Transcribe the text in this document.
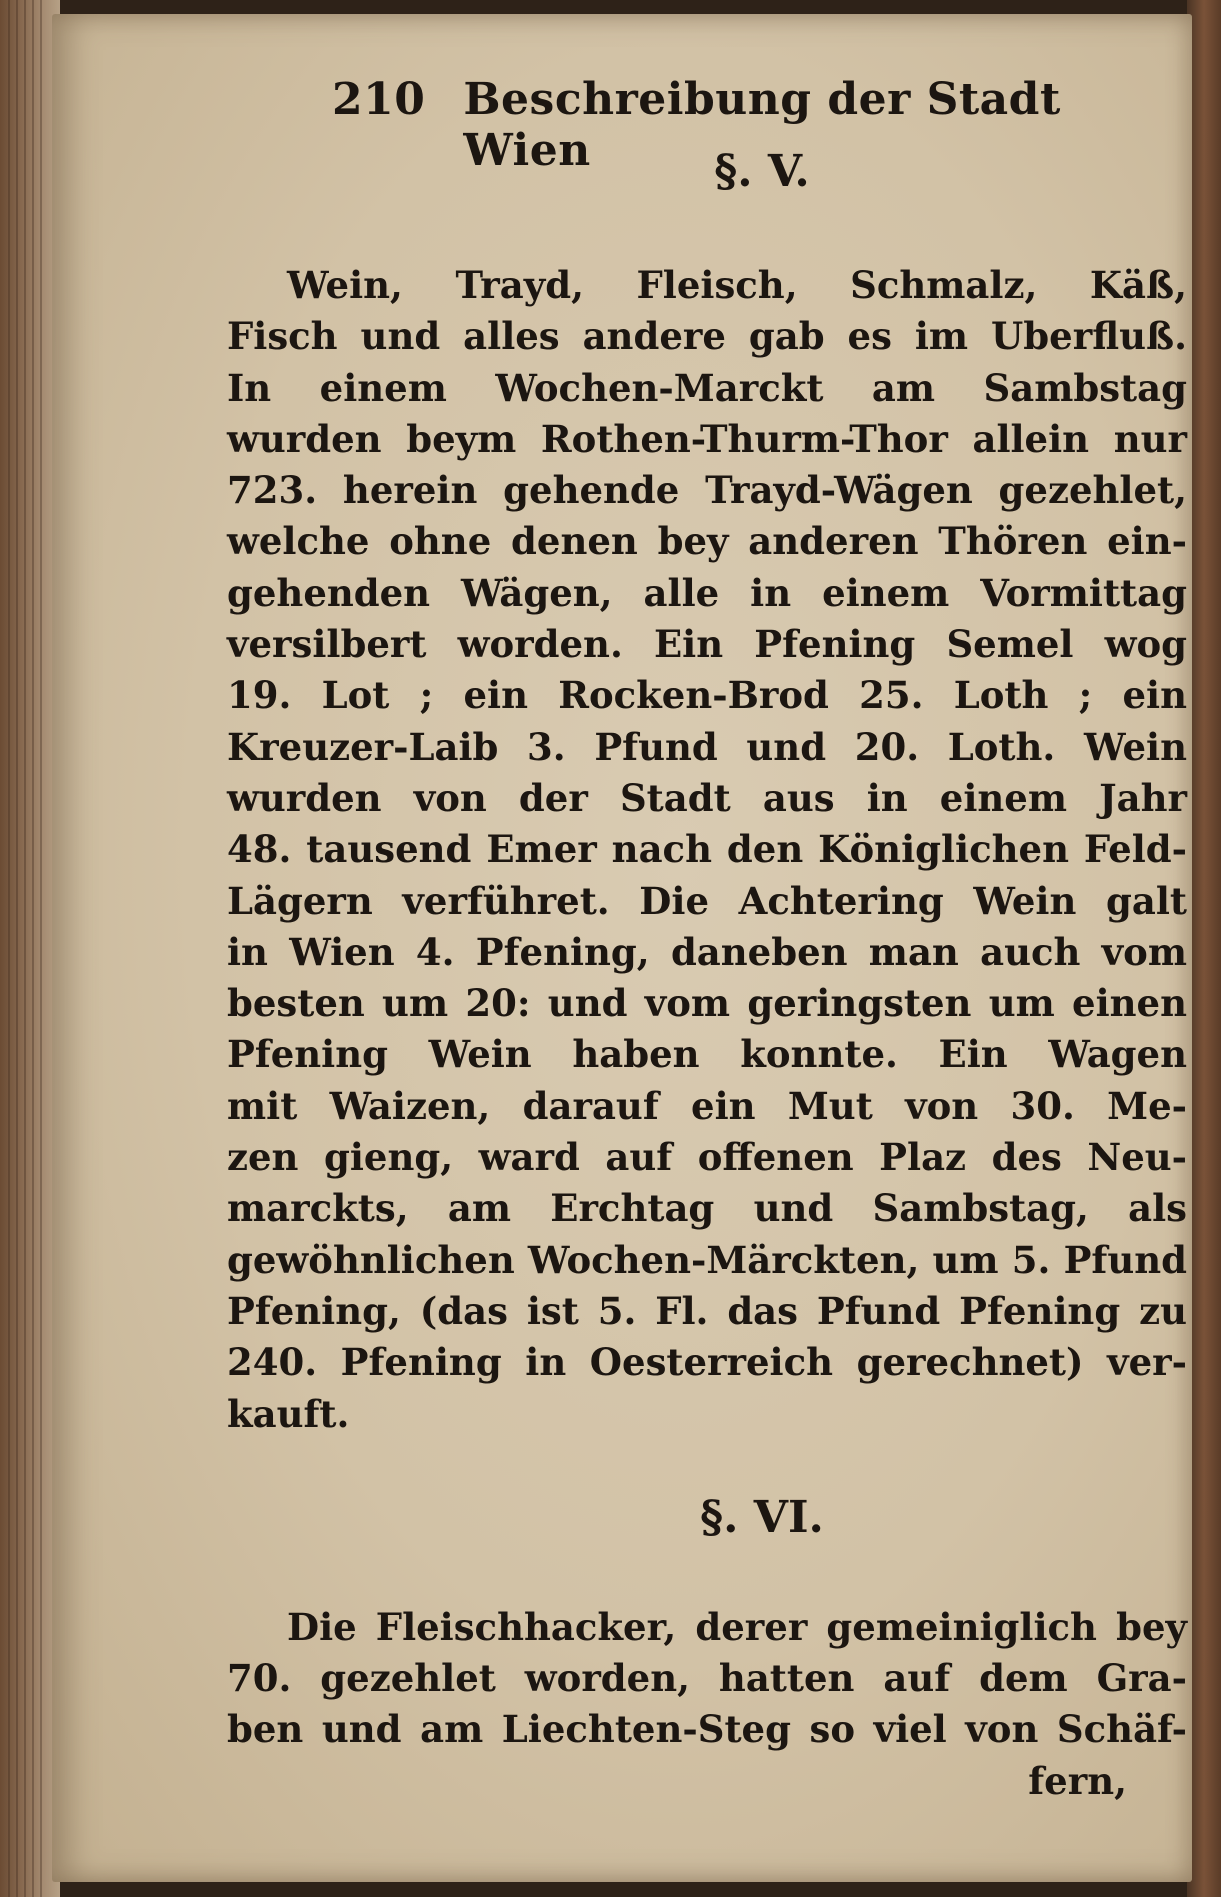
210 Beschreibung der Stadt Wien	§. V.
Wein, Trayd, Fleisch, Schmalz, Käß,
Fisch und alles andere gab es im Uberfluß.
In einem Wochen-Marckt am Sambstag
wurden beym Rothen-Thurm-Thor allein nur
723. herein gehende Trayd-Wägen gezehlet,
welche ohne denen bey anderen Thören ein-
gehenden Wägen, alle in einem Vormittag
versilbert worden. Ein Pfening Semel wog
19. Lot ; ein Rocken-Brod 25. Loth ; ein
Kreuzer-Laib 3. Pfund und 20. Loth. Wein
wurden von der Stadt aus in einem Jahr
48. tausend Emer nach den Königlichen Feld-
Lägern verführet. Die Achtering Wein galt
in Wien 4. Pfening, daneben man auch vom
besten um 20: und vom geringsten um einen
Pfening Wein haben konnte. Ein Wagen
mit Waizen, darauf ein Mut von 30. Me-
zen gieng, ward auf offenen Plaz des Neu-
marckts, am Erchtag und Sambstag, als
gewöhnlichen Wochen-Märckten, um 5. Pfund
Pfening, (das ist 5. Fl. das Pfund Pfening zu
240. Pfening in Oesterreich gerechnet) ver-
kauft.
§. VI.
Die Fleischhacker, derer gemeiniglich bey
70. gezehlet worden, hatten auf dem Gra-
ben und am Liechten-Steg so viel von Schäf-
fern,
